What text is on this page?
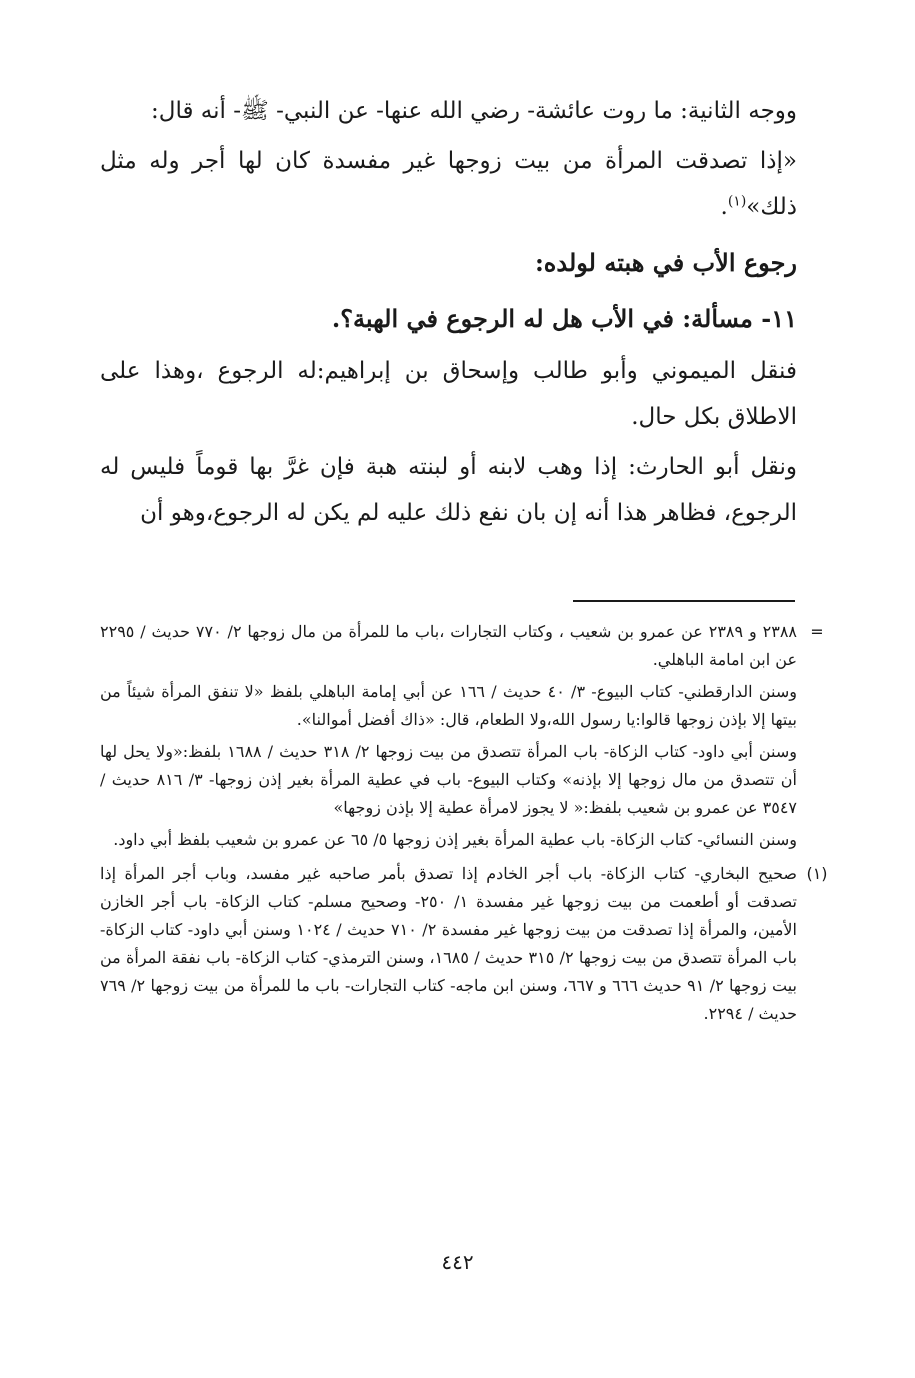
ووجه الثانية: ما روت عائشة- رضي الله عنها- عن النبي- ﷺ- أنه قال:

«إذا تصدقت المرأة من بيت زوجها غير مفسدة كان لها أجر وله مثل ذلك»$^{(١)}$.

رجوع الأب في هبته لولده:

١١- مسألة: في الأب هل له الرجوع في الهبة؟.

فنقل الميموني وأبو طالب وإسحاق بن إبراهيم:له الرجوع ،وهذا على الاطلاق بكل حال.

ونقل أبو الحارث: إذا وهب لابنه أو لبنته هبة فإن غرَّ بها قوماً فليس له الرجوع، فظاهر هذا أنه إن بان نفع ذلك عليه لم يكن له الرجوع،وهو أن

=

٢٣٨٨ و ٢٣٨٩ عن عمرو بن شعيب ، وكتاب التجارات ،باب ما للمرأة من مال زوجها ٢/ ٧٧٠ حديث / ٢٢٩٥ عن ابن امامة الباهلي.

وسنن الدارقطني- كتاب البيوع- ٣/ ٤٠ حديث / ١٦٦ عن أبي إمامة الباهلي بلفظ «لا تنفق المرأة شيئاً من بيتها إلا بإذن زوجها قالوا:يا رسول الله،ولا الطعام، قال: «ذاك أفضل أموالنا».

وسنن أبي داود- كتاب الزكاة- باب المرأة تتصدق من بيت زوجها ٢/ ٣١٨ حديث / ١٦٨٨ بلفظ:«ولا يحل لها أن تتصدق من مال زوجها إلا بإذنه» وكتاب البيوع- باب في عطية المرأة بغير إذن زوجها- ٣/ ٨١٦ حديث / ٣٥٤٧ عن عمرو بن شعيب بلفظ:« لا يجوز لامرأة عطية إلا بإذن زوجها»

وسنن النسائي- كتاب الزكاة- باب عطية المرأة بغير إذن زوجها ٥/ ٦٥ عن عمرو بن شعيب بلفظ أبي داود.

(١)

صحيح البخاري- كتاب الزكاة- باب أجر الخادم إذا تصدق بأمر صاحبه غير مفسد، وباب أجر المرأة إذا تصدقت أو أطعمت من بيت زوجها غير مفسدة ١/ ٢٥٠- وصحيح مسلم- كتاب الزكاة- باب أجر الخازن الأمين، والمرأة إذا تصدقت من بيت زوجها غير مفسدة ٢/ ٧١٠ حديث / ١٠٢٤ وسنن أبي داود- كتاب الزكاة- باب المرأة تتصدق من بيت زوجها ٢/ ٣١٥ حديث / ١٦٨٥، وسنن الترمذي- كتاب الزكاة- باب نفقة المرأة من بيت زوجها ٢/ ٩١ حديث ٦٦٦ و ٦٦٧، وسنن ابن ماجه- كتاب التجارات- باب ما للمرأة من بيت زوجها ٢/ ٧٦٩ حديث / ٢٢٩٤.

٤٤٢
